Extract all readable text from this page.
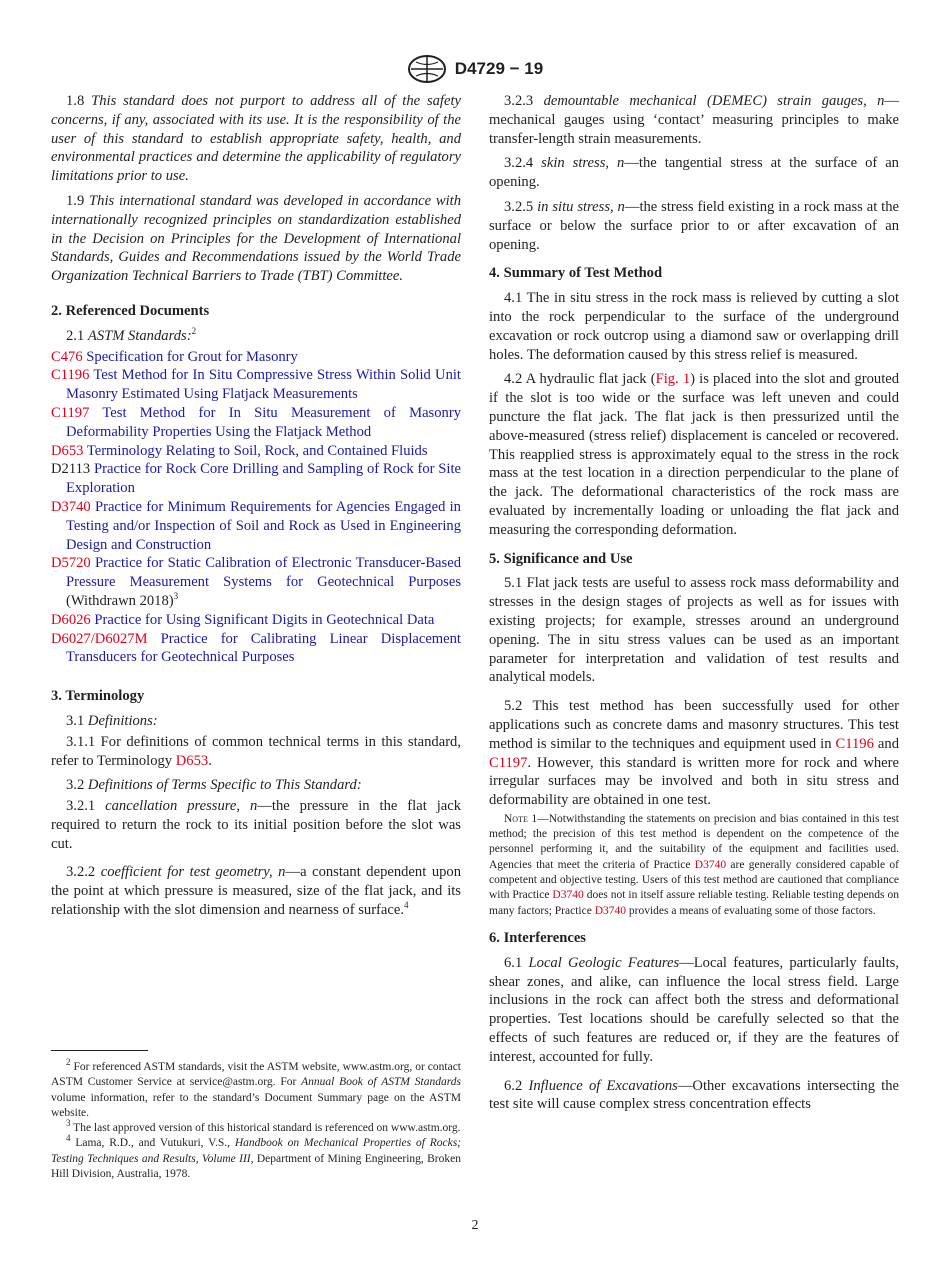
D4729 − 19

1.8 This standard does not purport to address all of the safety concerns, if any, associated with its use. It is the responsibility of the user of this standard to establish appropriate safety, health, and environmental practices and determine the applicability of regulatory limitations prior to use.

1.9 This international standard was developed in accordance with internationally recognized principles on standardization established in the Decision on Principles for the Development of International Standards, Guides and Recommendations issued by the World Trade Organization Technical Barriers to Trade (TBT) Committee.

2. Referenced Documents

2.1 ASTM Standards:$^2$

C476 Specification for Grout for Masonry

C1196 Test Method for In Situ Compressive Stress Within Solid Unit Masonry Estimated Using Flatjack Measurements

C1197 Test Method for In Situ Measurement of Masonry Deformability Properties Using the Flatjack Method

D653 Terminology Relating to Soil, Rock, and Contained Fluids

D2113 Practice for Rock Core Drilling and Sampling of Rock for Site Exploration

D3740 Practice for Minimum Requirements for Agencies Engaged in Testing and/or Inspection of Soil and Rock as Used in Engineering Design and Construction

D5720 Practice for Static Calibration of Electronic Transducer-Based Pressure Measurement Systems for Geotechnical Purposes (Withdrawn 2018)$^3$

D6026 Practice for Using Significant Digits in Geotechnical Data

D6027/D6027M Practice for Calibrating Linear Displacement Transducers for Geotechnical Purposes

3. Terminology

3.1 Definitions:

3.1.1 For definitions of common technical terms in this standard, refer to Terminology D653.

3.2 Definitions of Terms Specific to This Standard:

3.2.1 cancellation pressure, n—the pressure in the flat jack required to return the rock to its initial position before the slot was cut.

3.2.2 coefficient for test geometry, n—a constant dependent upon the point at which pressure is measured, size of the flat jack, and its relationship with the slot dimension and nearness of surface.$^4$

$^2$ For referenced ASTM standards, visit the ASTM website, www.astm.org, or contact ASTM Customer Service at service@astm.org. For Annual Book of ASTM Standards volume information, refer to the standard’s Document Summary page on the ASTM website.

$^3$ The last approved version of this historical standard is referenced on www.astm.org.

$^4$ Lama, R.D., and Vutukuri, V.S., Handbook on Mechanical Properties of Rocks; Testing Techniques and Results, Volume III, Department of Mining Engineering, Broken Hill Division, Australia, 1978.

3.2.3 demountable mechanical (DEMEC) strain gauges, n—mechanical gauges using ‘contact’ measuring principles to make transfer-length strain measurements.

3.2.4 skin stress, n—the tangential stress at the surface of an opening.

3.2.5 in situ stress, n—the stress field existing in a rock mass at the surface or below the surface prior to or after excavation of an opening.

4. Summary of Test Method

4.1 The in situ stress in the rock mass is relieved by cutting a slot into the rock perpendicular to the surface of the underground excavation or rock outcrop using a diamond saw or overlapping drill holes. The deformation caused by this stress relief is measured.

4.2 A hydraulic flat jack (Fig. 1) is placed into the slot and grouted if the slot is too wide or the surface was left uneven and could puncture the flat jack. The flat jack is then pressurized until the above-measured (stress relief) displacement is canceled or recovered. This reapplied stress is approximately equal to the stress in the rock mass at the test location in a direction perpendicular to the plane of the jack. The deformational characteristics of the rock mass are evaluated by incrementally loading or unloading the flat jack and measuring the corresponding deformation.

5. Significance and Use

5.1 Flat jack tests are useful to assess rock mass deformability and stresses in the design stages of projects as well as for issues with existing projects; for example, stresses around an underground opening. The in situ stress values can be used as an important parameter for interpretation and validation of test results and analytical models.

5.2 This test method has been successfully used for other applications such as concrete dams and masonry structures. This test method is similar to the techniques and equipment used in C1196 and C1197. However, this standard is written more for rock and where irregular surfaces may be involved and both in situ stress and deformability are obtained in one test.

Note 1—Notwithstanding the statements on precision and bias contained in this test method; the precision of this test method is dependent on the competence of the personnel performing it, and the suitability of the equipment and facilities used. Agencies that meet the criteria of Practice D3740 are generally considered capable of competent and objective testing. Users of this test method are cautioned that compliance with Practice D3740 does not in itself assure reliable testing. Reliable testing depends on many factors; Practice D3740 provides a means of evaluating some of those factors.

6. Interferences

6.1 Local Geologic Features—Local features, particularly faults, shear zones, and alike, can influence the local stress field. Large inclusions in the rock can affect both the stress and deformational properties. Test locations should be carefully selected so that the effects of such features are reduced or, if they are the features of interest, accounted for fully.

6.2 Influence of Excavations—Other excavations intersecting the test site will cause complex stress concentration effects

2
